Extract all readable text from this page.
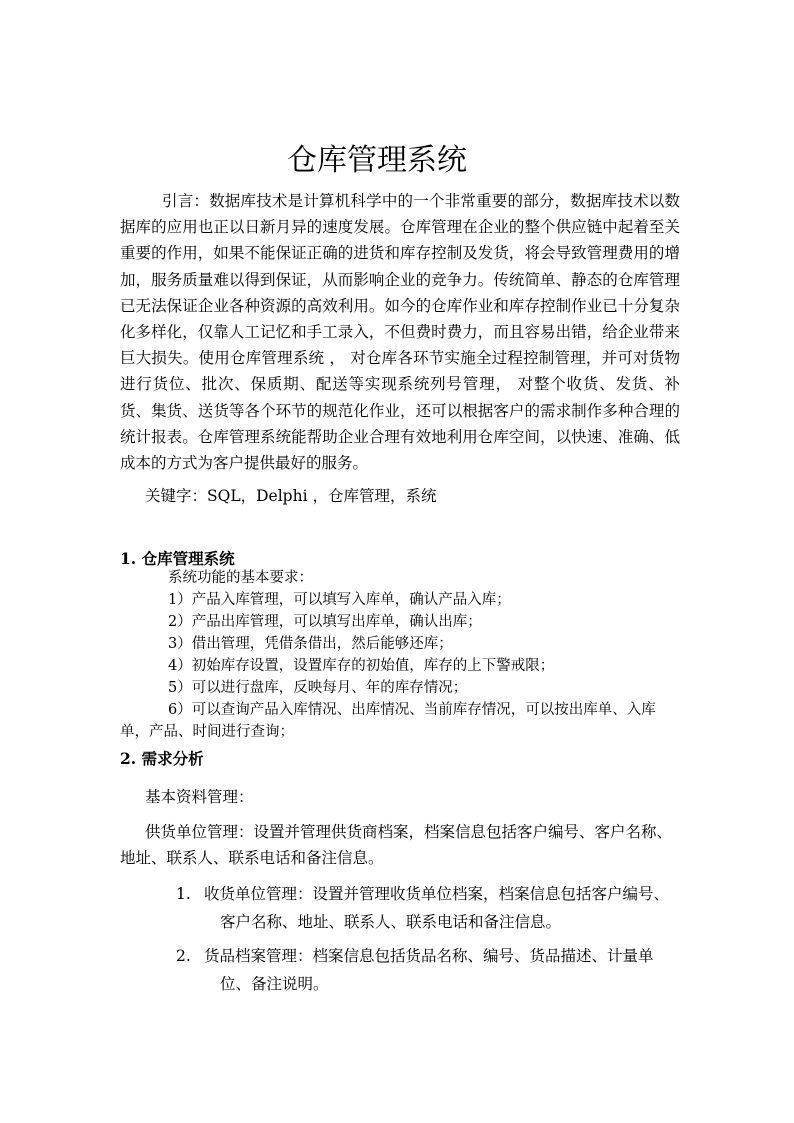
仓库管理系统

引言：数据库技术是计算机科学中的一个非常重要的部分，数据库技术以数据库的应用也正以日新月异的速度发展。仓库管理在企业的整个供应链中起着至关重要的作用，如果不能保证正确的进货和库存控制及发货，将会导致管理费用的增加，服务质量难以得到保证，从而影响企业的竞争力。传统简单、静态的仓库管理已无法保证企业各种资源的高效利用。如今的仓库作业和库存控制作业已十分复杂化多样化，仅靠人工记忆和手工录入，不但费时费力，而且容易出错，给企业带来巨大损失。使用仓库管理系统 ， 对仓库各环节实施全过程控制管理，并可对货物进行货位、批次、保质期、配送等实现系统列号管理， 对整个收货、发货、补货、集货、送货等各个环节的规范化作业，还可以根据客户的需求制作多种合理的统计报表。仓库管理系统能帮助企业合理有效地利用仓库空间，以快速、准确、低成本的方式为客户提供最好的服务。

关键字：SQL，Delphi ，仓库管理，系统
1. 仓库管理系统
系统功能的基本要求：
1）产品入库管理，可以填写入库单，确认产品入库；
2）产品出库管理，可以填写出库单，确认出库；
3）借出管理，凭借条借出，然后能够还库；
4）初始库存设置，设置库存的初始值，库存的上下警戒限；
5）可以进行盘库，反映每月、年的库存情况；
6）可以查询产品入库情况、出库情况、当前库存情况，可以按出库单、入库单，产品、时间进行查询；
2. 需求分析
基本资料管理：

供货单位管理：设置并管理供货商档案，档案信息包括客户编号、客户名称、地址、联系人、联系电话和备注信息。

1. 收货单位管理：设置并管理收货单位档案，档案信息包括客户编号、
客户名称、地址、联系人、联系电话和备注信息。
2. 货品档案管理：档案信息包括货品名称、编号、货品描述、计量单
位、备注说明。
